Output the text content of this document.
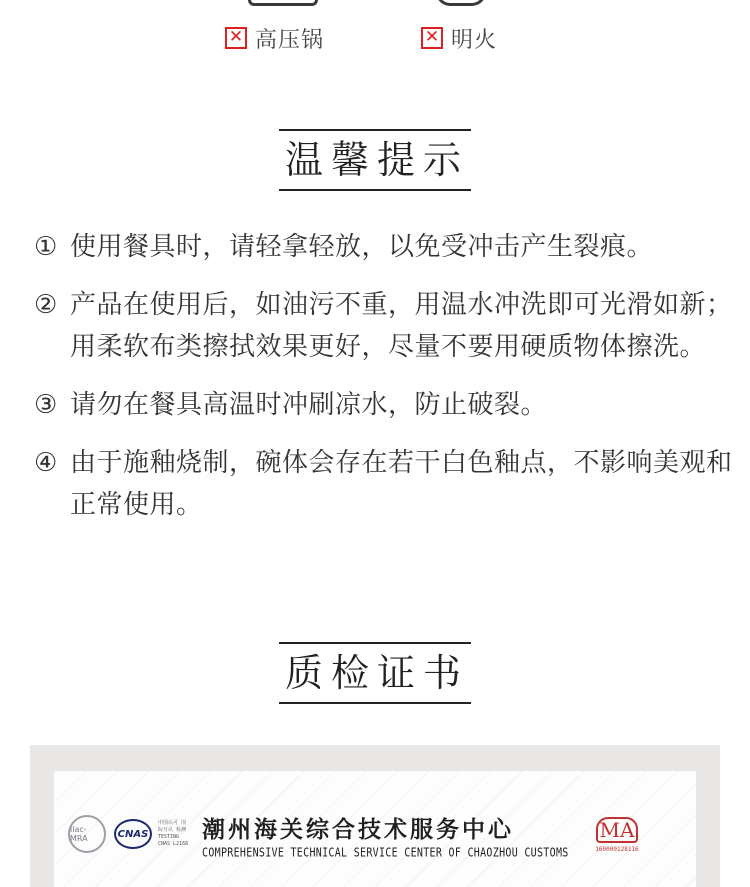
✕ 高压锅	✕ 明火
温馨提示
① 使用餐具时，请轻拿轻放，以免受冲击产生裂痕。
② 产品在使用后，如油污不重，用温水冲洗即可光滑如新；用柔软布类擦拭效果更好，尽量不要用硬质物体擦洗。
③ 请勿在餐具高温时冲刷凉水，防止破裂。
④ 由于施釉烧制，碗体会存在若干白色釉点，不影响美观和正常使用。
质检证书
ilac-MRA	CNAS
中国认可 国际互认 检测 TESTING CNAS L2168
潮州海关综合技术服务中心
COMPREHENSIVE TECHNICAL SERVICE CENTER OF CHAOZHOU CUSTOMS
MA
160000128116
